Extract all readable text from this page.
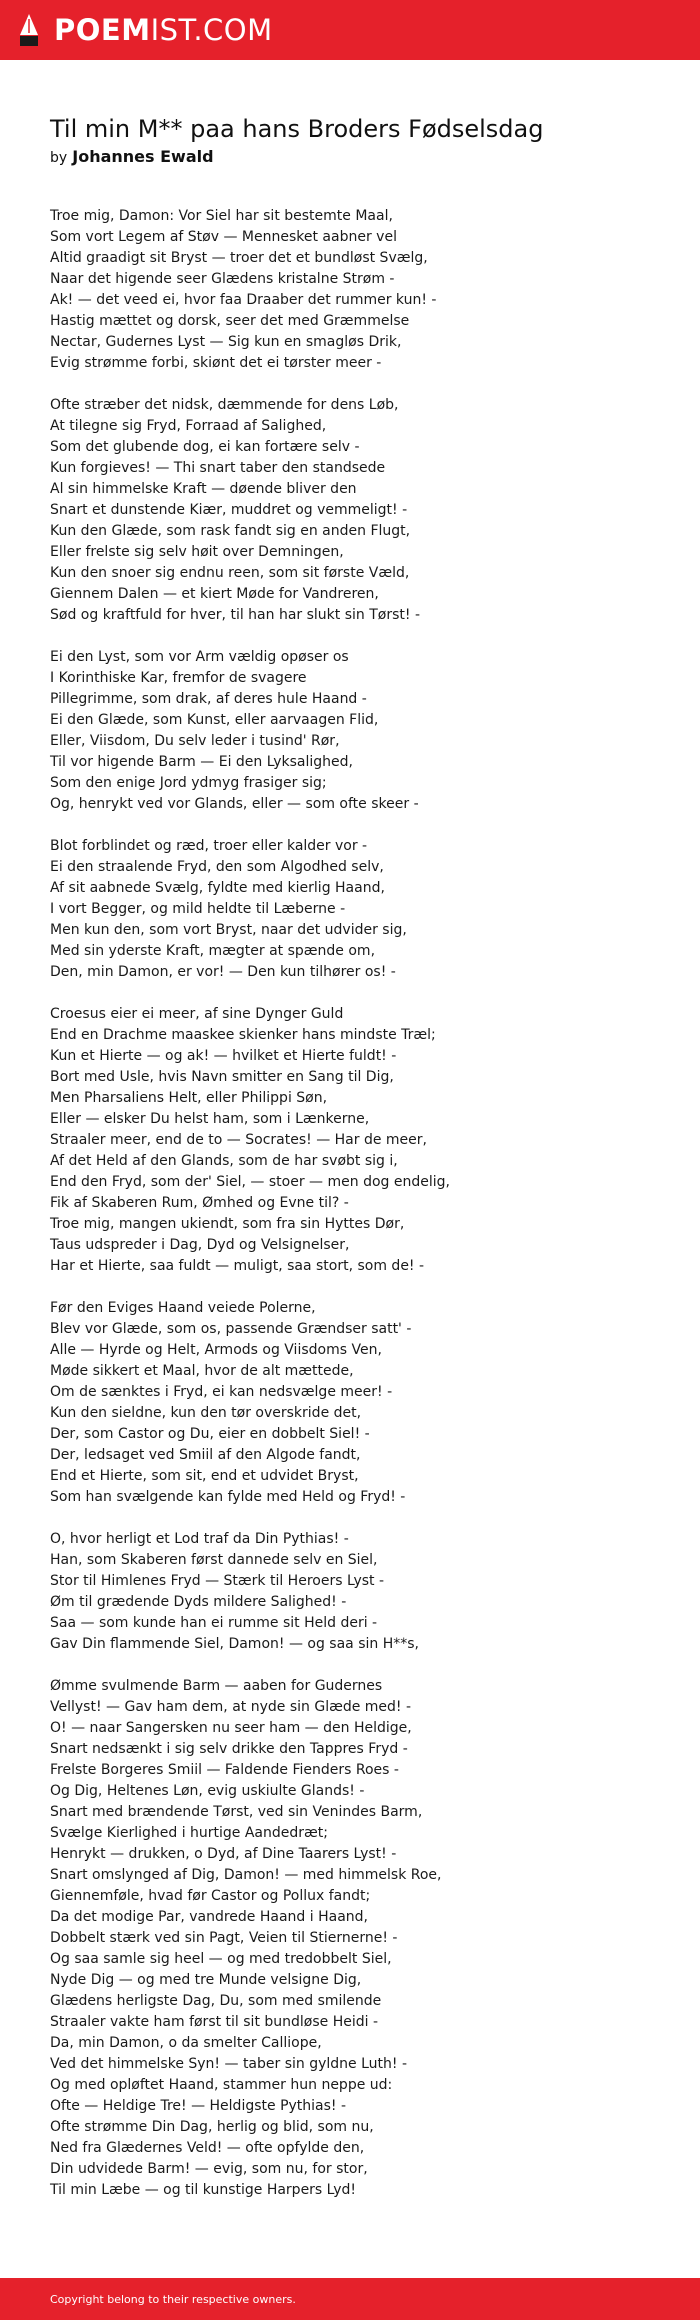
POEMIST.COM
Til min M** paa hans Broders Fødselsdag
by Johannes Ewald
Troe mig, Damon: Vor Siel har sit bestemte Maal,
Som vort Legem af Støv — Mennesket aabner vel
Altid graadigt sit Bryst — troer det et bundløst Svælg,
Naar det higende seer Glædens kristalne Strøm -
Ak! — det veed ei, hvor faa Draaber det rummer kun! -
Hastig mættet og dorsk, seer det med Græmmelse
Nectar, Gudernes Lyst — Sig kun en smagløs Drik,
Evig strømme forbi, skiønt det ei tørster meer -
Ofte stræber det nidsk, dæmmende for dens Løb,
At tilegne sig Fryd, Forraad af Salighed,
Som det glubende dog, ei kan fortære selv -
Kun forgieves! — Thi snart taber den standsede
Al sin himmelske Kraft — døende bliver den
Snart et dunstende Kiær, muddret og vemmeligt! -
Kun den Glæde, som rask fandt sig en anden Flugt,
Eller frelste sig selv høit over Demningen,
Kun den snoer sig endnu reen, som sit første Væld,
Giennem Dalen — et kiert Møde for Vandreren,
Sød og kraftfuld for hver, til han har slukt sin Tørst! -
Ei den Lyst, som vor Arm vældig opøser os
I Korinthiske Kar, fremfor de svagere
Pillegrimme, som drak, af deres hule Haand -
Ei den Glæde, som Kunst, eller aarvaagen Flid,
Eller, Viisdom, Du selv leder i tusind' Rør,
Til vor higende Barm — Ei den Lyksalighed,
Som den enige Jord ydmyg frasiger sig;
Og, henrykt ved vor Glands, eller — som ofte skeer -
Blot forblindet og ræd, troer eller kalder vor -
Ei den straalende Fryd, den som Algodhed selv,
Af sit aabnede Svælg, fyldte med kierlig Haand,
I vort Begger, og mild heldte til Læberne -
Men kun den, som vort Bryst, naar det udvider sig,
Med sin yderste Kraft, mægter at spænde om,
Den, min Damon, er vor! — Den kun tilhører os! -
Croesus eier ei meer, af sine Dynger Guld
End en Drachme maaskee skienker hans mindste Træl;
Kun et Hierte — og ak! — hvilket et Hierte fuldt! -
Bort med Usle, hvis Navn smitter en Sang til Dig,
Men Pharsaliens Helt, eller Philippi Søn,
Eller — elsker Du helst ham, som i Lænkerne,
Straaler meer, end de to — Socrates! — Har de meer,
Af det Held af den Glands, som de har svøbt sig i,
End den Fryd, som der' Siel, — stoer — men dog endelig,
Fik af Skaberen Rum, Ømhed og Evne til? -
Troe mig, mangen ukiendt, som fra sin Hyttes Dør,
Taus udspreder i Dag, Dyd og Velsignelser,
Har et Hierte, saa fuldt — muligt, saa stort, som de! -
Før den Eviges Haand veiede Polerne,
Blev vor Glæde, som os, passende Grændser satt' -
Alle — Hyrde og Helt, Armods og Viisdoms Ven,
Møde sikkert et Maal, hvor de alt mættede,
Om de sænktes i Fryd, ei kan nedsvælge meer! -
Kun den sieldne, kun den tør overskride det,
Der, som Castor og Du, eier en dobbelt Siel! -
Der, ledsaget ved Smiil af den Algode fandt,
End et Hierte, som sit, end et udvidet Bryst,
Som han svælgende kan fylde med Held og Fryd! -
O, hvor herligt et Lod traf da Din Pythias! -
Han, som Skaberen først dannede selv en Siel,
Stor til Himlenes Fryd — Stærk til Heroers Lyst -
Øm til grædende Dyds mildere Salighed! -
Saa — som kunde han ei rumme sit Held deri -
Gav Din flammende Siel, Damon! — og saa sin H**s,
Ømme svulmende Barm — aaben for Gudernes
Vellyst! — Gav ham dem, at nyde sin Glæde med! -
O! — naar Sangersken nu seer ham — den Heldige,
Snart nedsænkt i sig selv drikke den Tappres Fryd -
Frelste Borgeres Smiil — Faldende Fienders Roes -
Og Dig, Heltenes Løn, evig uskiulte Glands! -
Snart med brændende Tørst, ved sin Venindes Barm,
Svælge Kierlighed i hurtige Aandedræt;
Henrykt — drukken, o Dyd, af Dine Taarers Lyst! -
Snart omslynged af Dig, Damon! — med himmelsk Roe,
Giennemføle, hvad før Castor og Pollux fandt;
Da det modige Par, vandrede Haand i Haand,
Dobbelt stærk ved sin Pagt, Veien til Stiernerne! -
Og saa samle sig heel — og med tredobbelt Siel,
Nyde Dig — og med tre Munde velsigne Dig,
Glædens herligste Dag, Du, som med smilende
Straaler vakte ham først til sit bundløse Heidi -
Da, min Damon, o da smelter Calliope,
Ved det himmelske Syn! — taber sin gyldne Luth! -
Og med opløftet Haand, stammer hun neppe ud:
Ofte — Heldige Tre! — Heldigste Pythias! -
Ofte strømme Din Dag, herlig og blid, som nu,
Ned fra Glædernes Veld! — ofte opfylde den,
Din udvidede Barm! — evig, som nu, for stor,
Til min Læbe — og til kunstige Harpers Lyd!
Copyright belong to their respective owners.
